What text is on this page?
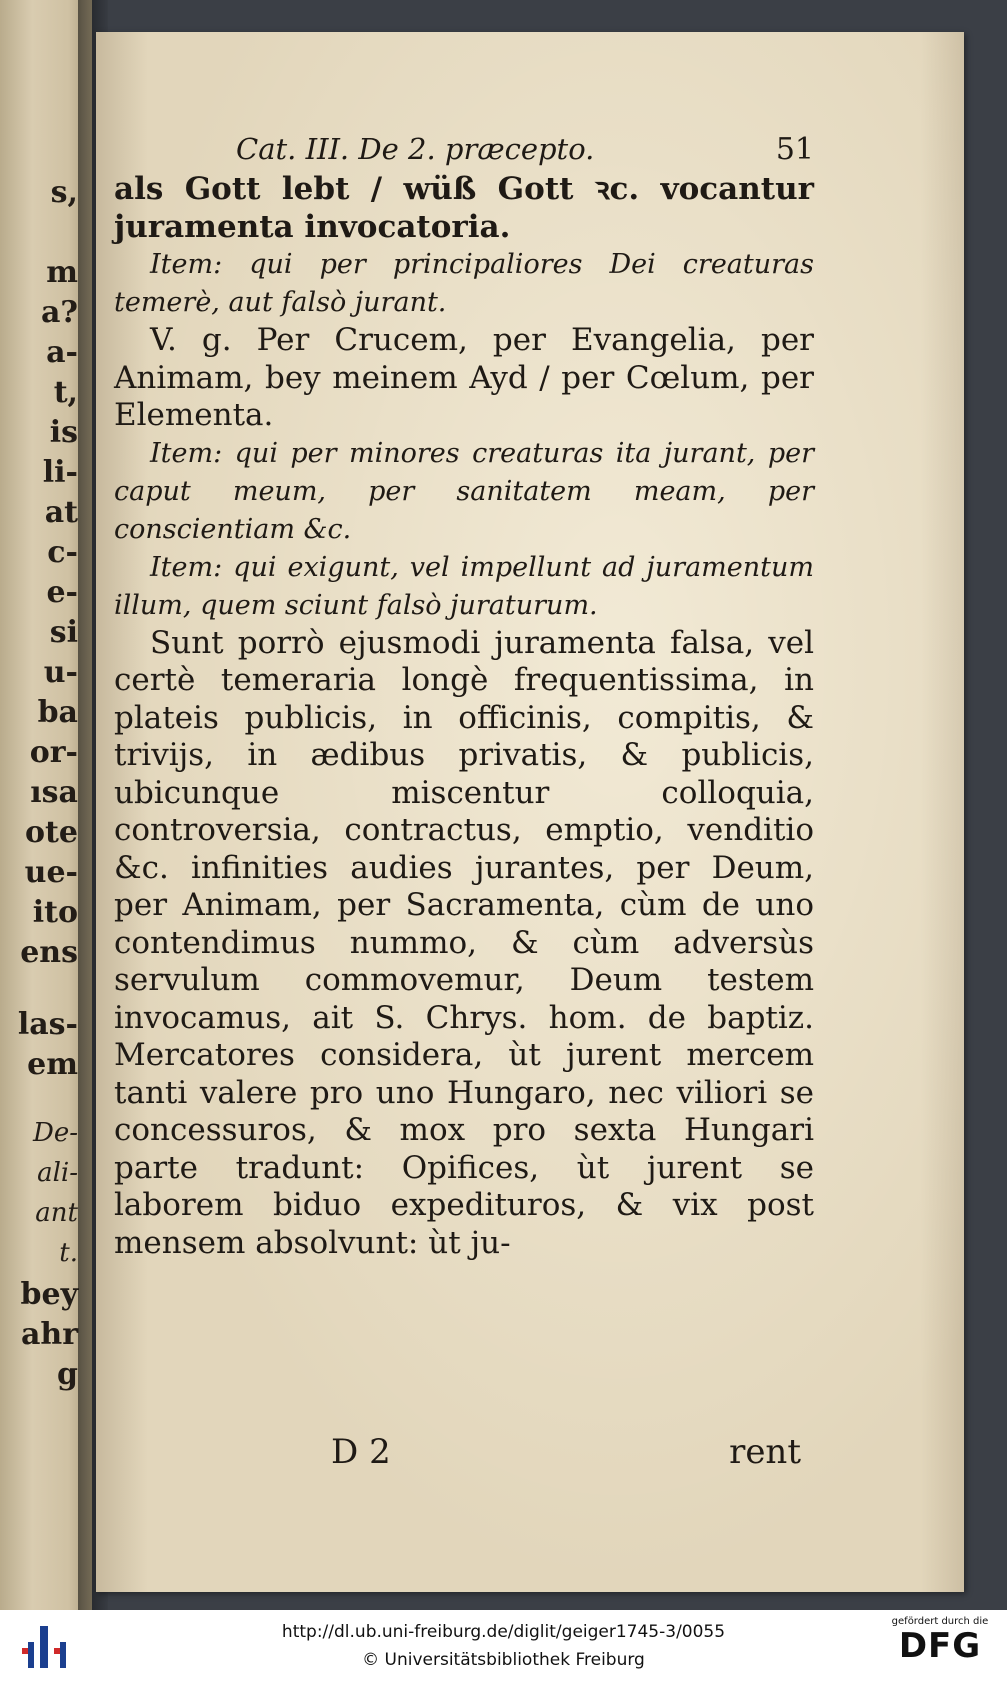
s,
m
a?
a-
t,
is
li-
at
c-
e-
si
u-
ba
or-
ısa
ote
ue-
ito
ens
las-
em
De-
ali-
ant
t.
bey
ahr
g
Cat. III. De 2. præcepto.	51

als Gott lebt / wüß Gott ꝛc. vocantur juramenta invocatoria.

Item: qui per principaliores Dei creaturas temerè, aut falsò jurant.

V. g. Per Crucem, per Evangelia, per Animam, bey meinem Ayd / per Cœlum, per Elementa.

Item: qui per minores creaturas ita jurant, per caput meum, per sanitatem meam, per conscientiam &c.

Item: qui exigunt, vel impellunt ad juramentum illum, quem sciunt falsò juraturum.

Sunt porrò ejusmodi juramenta falsa, vel certè temeraria longè frequentissima, in plateis publicis, in officinis, compitis, & trivijs, in ædibus privatis, & publicis, ubicunque miscentur colloquia, controversia, contractus, emptio, venditio &c. infinities audies jurantes, per Deum, per Animam, per Sacramenta, cùm de uno contendimus nummo, & cùm adversùs servulum commovemur, Deum testem invocamus, ait S. Chrys. hom. de baptiz. Mercatores considera, ùt jurent mercem tanti valere pro uno Hungaro, nec viliori se concessuros, & mox pro sexta Hungari parte tradunt: Opifices, ùt jurent se laborem biduo expedituros, & vix post mensem absolvunt: ùt ju-

D 2	rent
http://dl.ub.uni-freiburg.de/diglit/geiger1745-3/0055
© Universitätsbibliothek Freiburg
gefördert durch die
DFG
